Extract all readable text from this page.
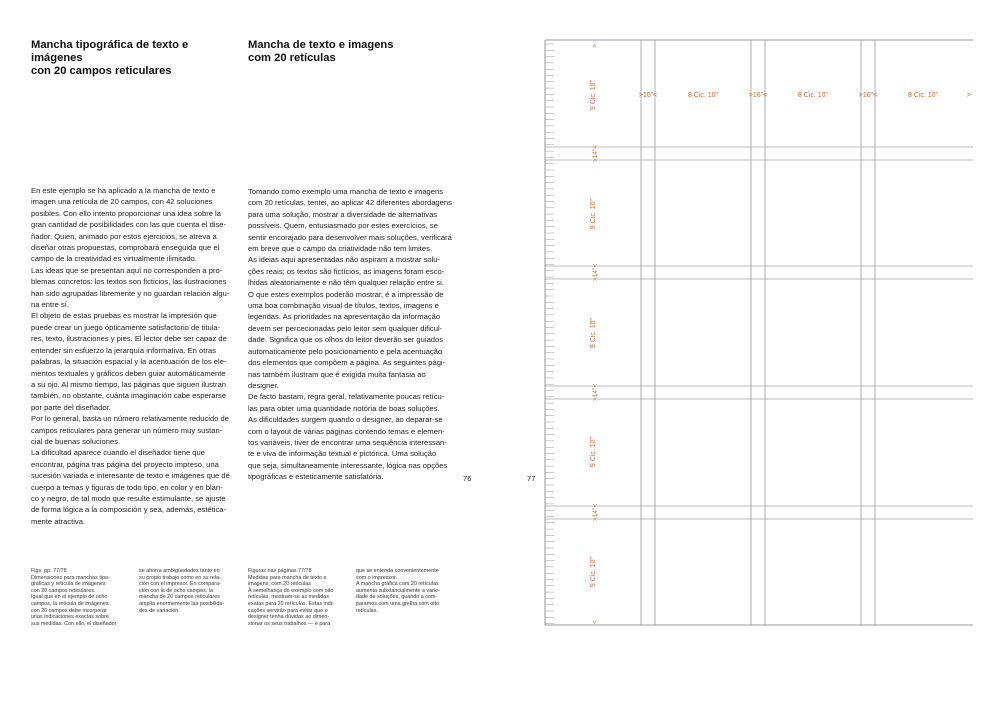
Mancha tipográfica de texto e imágenes
con 20 campos reticulares
Mancha de texto e imagens
com 20 retículas

En este ejemplo se ha aplicado a la mancha de texto e

imagen una retícula de 20 campos, con 42 soluciones

posibles. Con ello intento proporcionar una idea sobre la

gran cantidad de posibilidades con las que cuenta el dise-

ñador. Quien, animado por estos ejercicios, se atreva a

diseñar otras propuestas, comprobará enseguida que el

campo de la creatividad es virtualmente ilimitado.

Las ideas que se presentan aquí no corresponden a pro-

blemas concretos: los textos son ficticios, las ilustraciones

han sido agrupadas libremente y no guardan relación algu-

na entre sí.

El objeto de estas pruebas es mostrar la impresión que

puede crear un juego ópticamente satisfactorio de titula-

res, texto, ilustraciones y pies. El lector debe ser capaz de

entender sin esfuerzo la jerarquía informativa. En otras

palabras, la situación espacial y la acentuación de los ele-

mentos textuales y gráficos deben guiar automáticamente

a su ojo. Al mismo tiempo, las páginas que siguen ilustran

también, no obstante, cuánta imaginación cabe esperarse

por parte del diseñador.

Por lo general, basta un número relativamente reducido de

campos reticulares para generar un número muy sustan-

cial de buenas soluciones.

La dificultad aparece cuando el diseñador tiene que

encontrar, página tras página del proyecto impreso, una

sucesión variada e interesante de texto e imágenes que dé

cuerpo a temas y figuras de todo tipo, en color y en blan-

co y negro, de tal modo que resulte estimulante, se ajuste

de forma lógica a la composición y sea, además, estética-

mente atractiva.

Tomando como exemplo uma mancha de texto e imagens

com 20 retículas, tentei, ao aplicar 42 diferentes abordagens

para uma solução, mostrar a diversidade de alternativas

possíveis. Quem, entusiasmado por estes exercícios, se

sentir encorajado para desenvolver mais soluções, verificará

em breve que o campo da criatividade não tem limites.

As ideias aqui apresentadas não aspiram a mostrar solu-

ções reais; os textos são fictícios, as imagens foram esco-

lhidas aleatoriamente e não têm qualquer relação entre si.

O que estes exemplos poderão mostrar, é a impressão de

uma boa combinação visual de títulos, textos, imagens e

legendas. As prioridades na apresentação da informação

devem ser percecionadas pelo leitor sem qualquer dificul-

dade. Significa que os olhos do leitor deverão ser guiados

automaticamente pelo posicionamento e pela acentuação

dos elementos que compõem a página. As seguintes pági-

nas também ilustram que é exigida muita fantasia ao

designer.

De facto bastam, regra geral, relativamente poucas retícu-

las para obter uma quantidade notória de boas soluções.

As dificuldades surgem quando o designer, ao deparar-se

com o layout de várias páginas contendo temas e elemen-

tos variáveis, tiver de encontrar uma sequência interessan-

te e viva de informação textual e pictórica. Uma solução

que seja, simultaneamente interessante, lógica nas opções

tipográficas e esteticamente satisfatória.

Figs. pp. 77/78

Dimensiones para manchas tipo-

gráficas y retícula de imágenes

con 20 campos reticulares.

Igual que en el ejemplo de ocho

campos, la retícula de imágenes

con 20 campos debe incorporar

unas indicaciones exactas sobre

sus medidas. Con ello, el diseñador

se ahorra ambigüedades tanto en

su propio trabajo como en su rela-

ción con el impresor. En compara-

ción con la de ocho campos, la

mancha de 20 campos reticulares

amplía enormemente las posibilida-

des de variación.

Figuras nas páginas 77/78

Medidas para mancha de texto e

imagens, com 20 retículas

À semelhança do exemplo com oito

retículas, mostram-se as medidas

exatas para 20 retículas. Estas indi-

cações servirão para evitar que o

designer tenha dúvidas ao dimen-

sionar os seus trabalhos — e para

que se entenda convenientemente

com o impressor.

A mancha gráfica com 20 retículas

aumenta substancialmente a varie-

dade de soluções, quando a com-

paramos com uma grelha com oito

retículas.

76	77
9 Cic. 10"
9 Cic. 10"
9 Cic. 10"
9 Cic. 10"
9 Cic. 10"
>14"<
>14"<
>14"<
>14"<
>
<
8 Cic. 10"	8 Cic. 10"	8 Cic. 10"
>16"<	>16"<	>16"<	>
